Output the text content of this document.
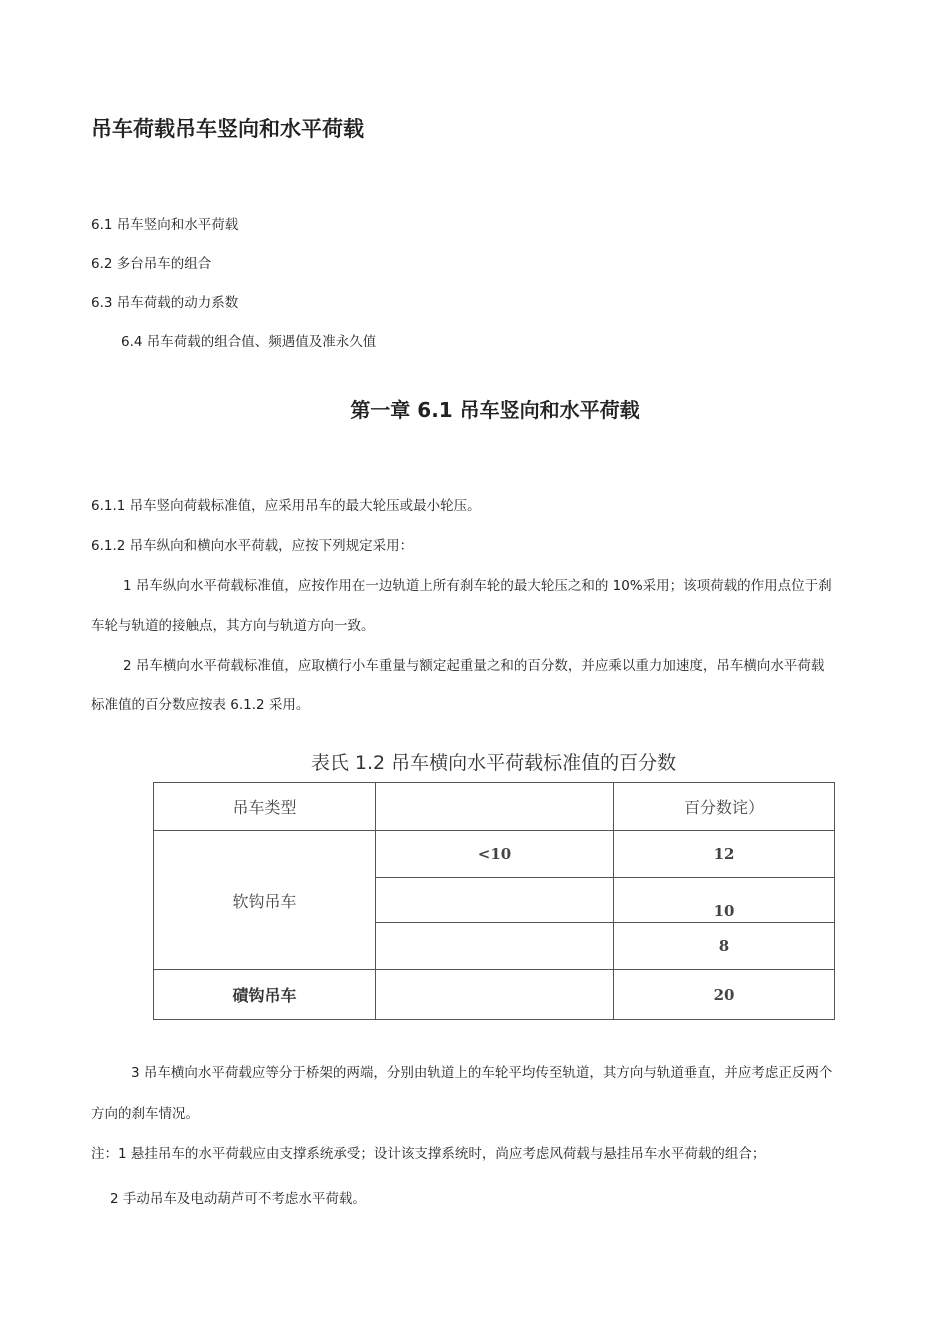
吊车荷载吊车竖向和水平荷载
6.1 吊车竖向和水平荷载
6.2 多台吊车的组合
6.3 吊车荷载的动力系数
6.4 吊车荷载的组合值、频遇值及准永久值
第一章 6.1 吊车竖向和水平荷载
6.1.1 吊车竖向荷载标准值，应采用吊车的最大轮压或最小轮压。
6.1.2 吊车纵向和横向水平荷载，应按下列规定采用：
1 吊车纵向水平荷载标准值，应按作用在一边轨道上所有刹车轮的最大轮压之和的 10%采用；该项荷载的作用点位于刹
车轮与轨道的接触点，其方向与轨道方向一致。
2 吊车横向水平荷载标准值，应取横行小车重量与额定起重量之和的百分数，并应乘以重力加速度，吊车横向水平荷载
标准值的百分数应按表 6.1.2 采用。
表氏 1.2 吊车横向水平荷载标准值的百分数
吊车类型		百分数诧）
软钩吊车	<10	12
		10
		8
磧钩吊车		20
3 吊车横向水平荷载应等分于桥架的两端，分别由轨道上的车轮平均传至轨道，其方向与轨道垂直，并应考虑正反两个
方向的刹车情况。
注：1 悬挂吊车的水平荷载应由支撑系统承受；设计该支撑系统时，尚应考虑风荷载与悬挂吊车水平荷载的组合；
2 手动吊车及电动葫芦可不考虑水平荷载。
